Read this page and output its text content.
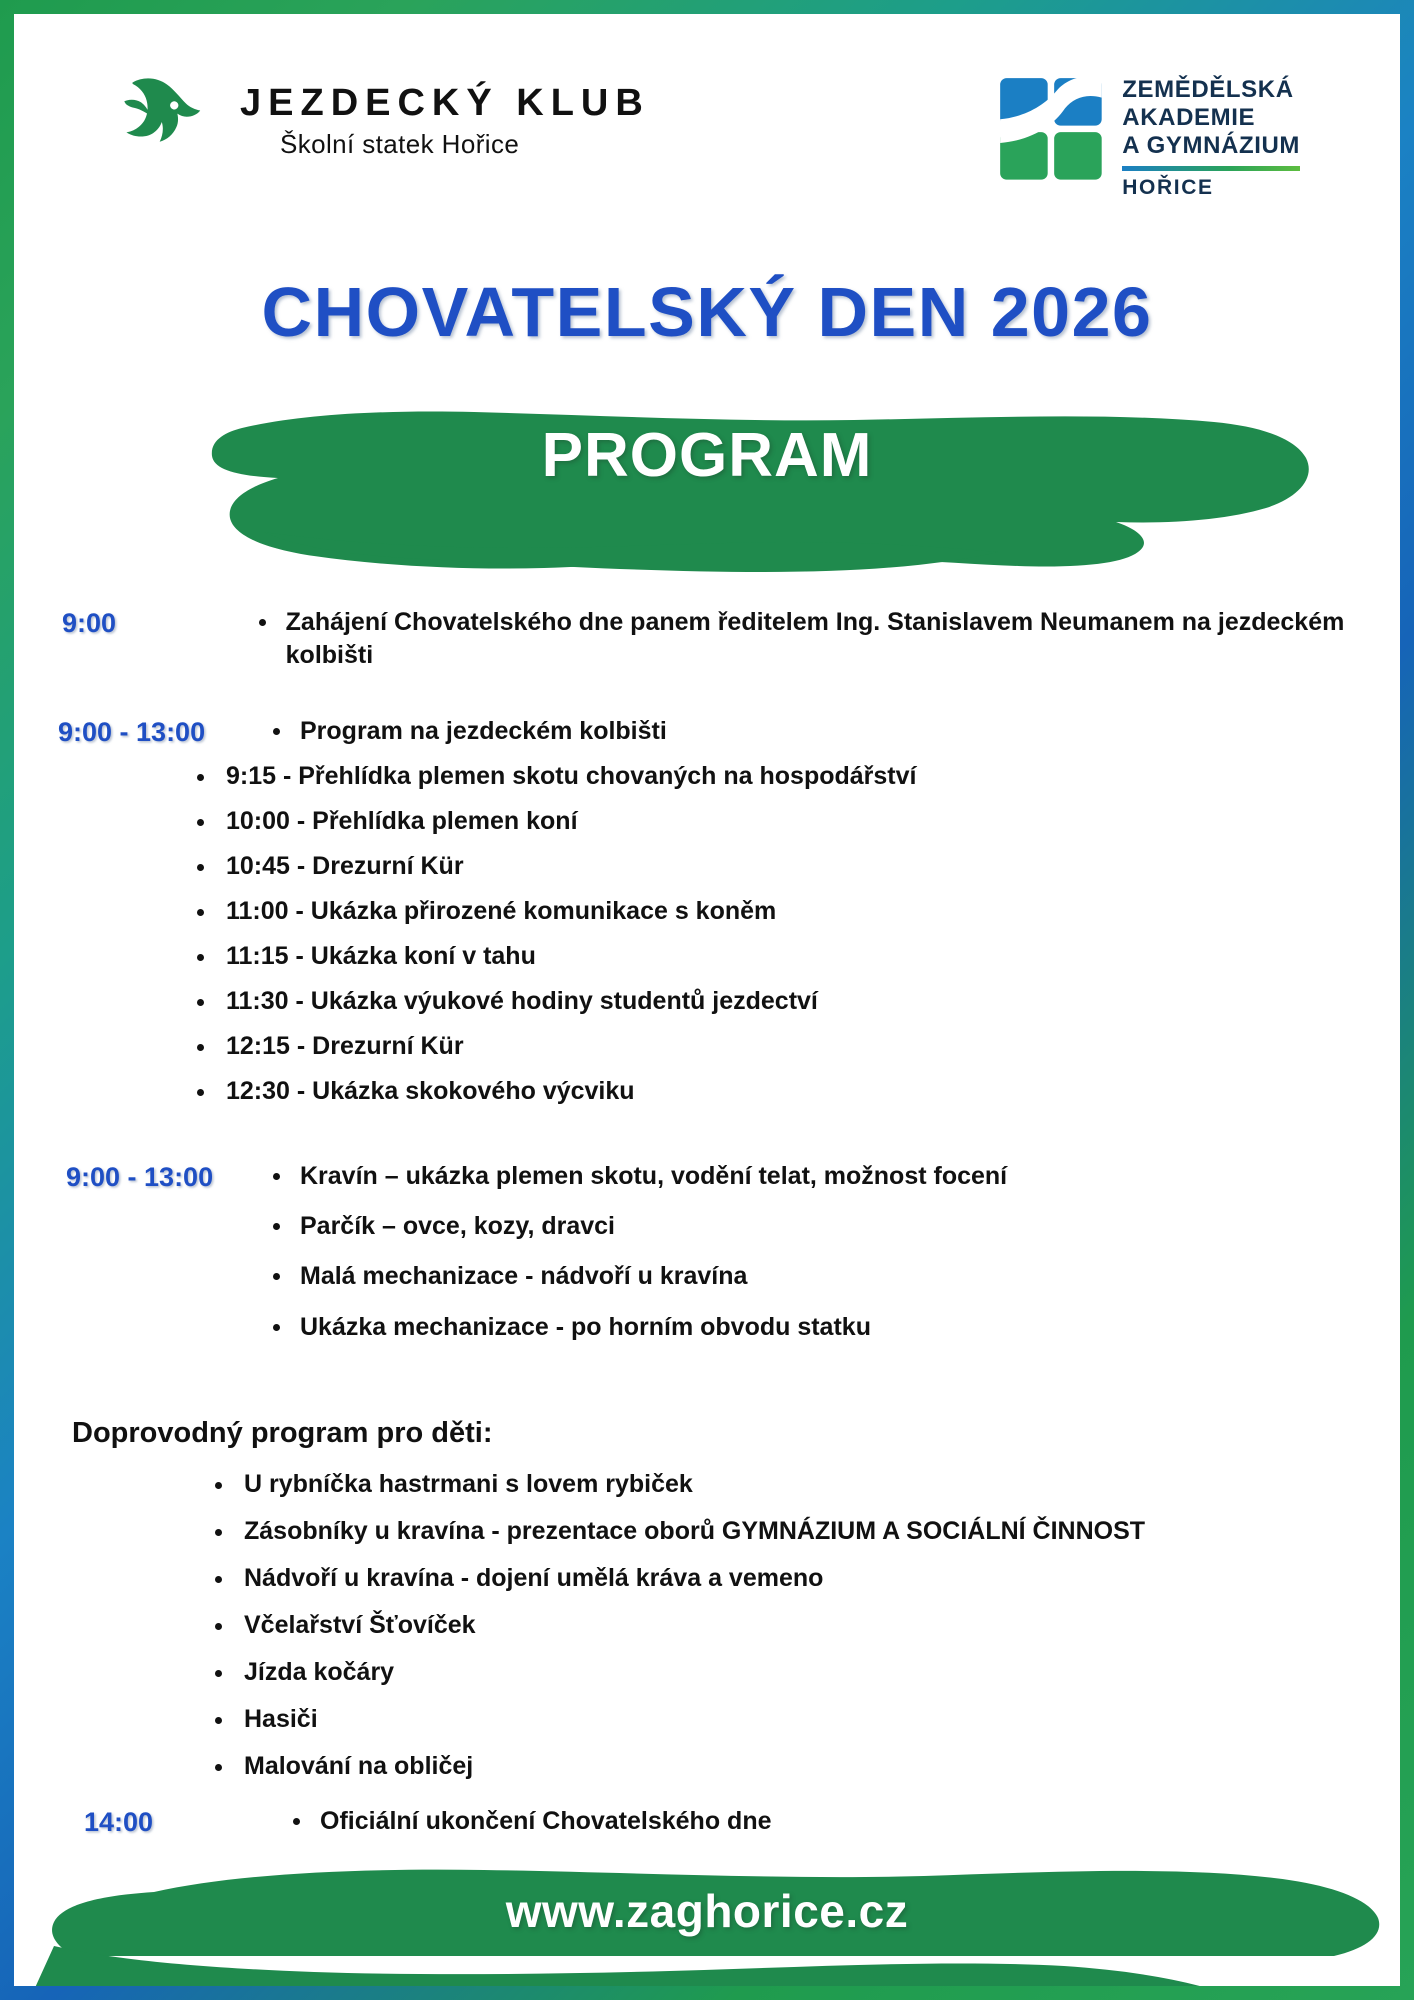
JEZDECKÝ KLUB
Školní statek Hořice
ZEMĚDĚLSKÁ
AKADEMIE
A GYMNÁZIUM
HOŘICE
CHOVATELSKÝ DEN 2026
PROGRAM
9:00	• Zahájení Chovatelského dne panem ředitelem Ing. Stanislavem Neumanem na jezdeckém kolbišti
9:00 - 13:00	• Program na jezdeckém kolbišti
• 9:15 - Přehlídka plemen skotu chovaných na hospodářství
• 10:00 - Přehlídka plemen koní
• 10:45 - Drezurní Kür
• 11:00 - Ukázka přirozené komunikace s koněm
• 11:15 - Ukázka koní v tahu
• 11:30 - Ukázka výukové hodiny studentů jezdectví
• 12:15 - Drezurní Kür
• 12:30 - Ukázka skokového výcviku
9:00 - 13:00	• Kravín – ukázka plemen skotu, vodění telat, možnost focení
• Parčík – ovce, kozy, dravci
• Malá mechanizace - nádvoří u kravína
• Ukázka mechanizace - po horním obvodu statku
Doprovodný program pro děti:
• U rybníčka hastrmani s lovem rybiček
• Zásobníky u kravína - prezentace oborů GYMNÁZIUM A SOCIÁLNÍ ČINNOST
• Nádvoří u kravína - dojení umělá kráva a vemeno
• Včelařství Šťovíček
• Jízda kočáry
• Hasiči
• Malování na obličej
14:00	• Oficiální ukončení Chovatelského dne
www.zaghorice.cz
